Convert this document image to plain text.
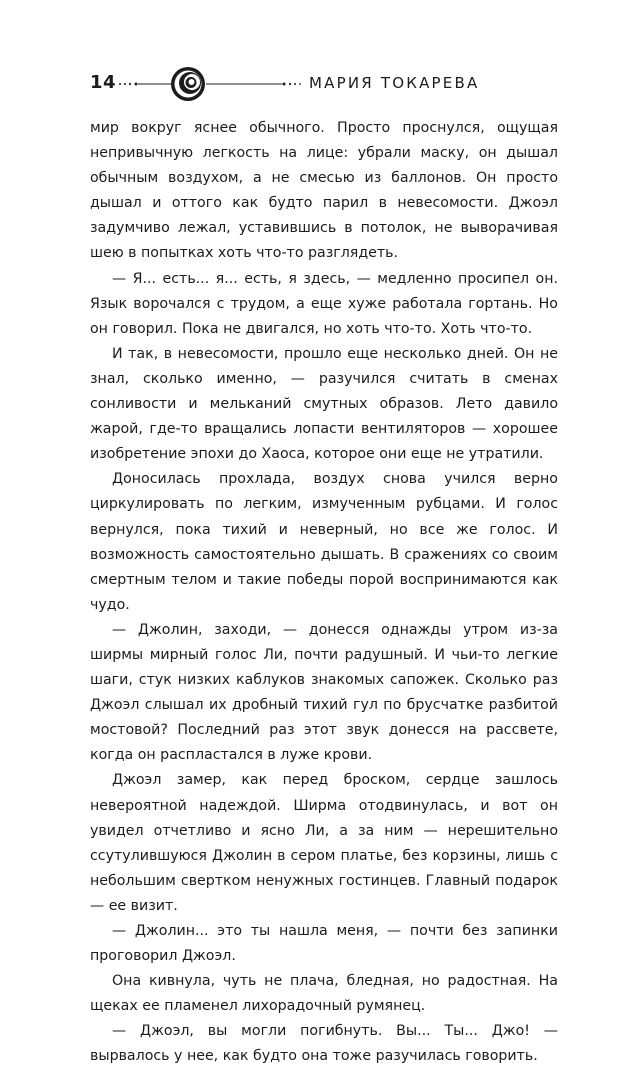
14	МАРИЯ ТОКАРЕВА

мир вокруг яснее обычного. Просто проснулся, ощущая непривычную легкость на лице: убрали маску, он дышал обычным воздухом, а не смесью из баллонов. Он просто дышал и оттого как будто парил в невесомости. Джоэл задумчиво лежал, уставившись в потолок, не выворачивая шею в попытках хоть что-то разглядеть.

— Я... есть... я... есть, я здесь, — медленно просипел он. Язык ворочался с трудом, а еще хуже работала гортань. Но он говорил. Пока не двигался, но хоть что-то. Хоть что-то.

И так, в невесомости, прошло еще несколько дней. Он не знал, сколько именно, — разучился считать в сменах сонливости и мельканий смутных образов. Лето давило жарой, где-то вращались лопасти вентиляторов — хорошее изобретение эпохи до Хаоса, которое они еще не утратили.

Доносилась прохлада, воздух снова учился верно циркулировать по легким, измученным рубцами. И голос вернулся, пока тихий и неверный, но все же голос. И возможность самостоятельно дышать. В сражениях со своим смертным телом и такие победы порой воспринимаются как чудо.

— Джолин, заходи, — донесся однажды утром из-за ширмы мирный голос Ли, почти радушный. И чьи-то легкие шаги, стук низких каблуков знакомых сапожек. Сколько раз Джоэл слышал их дробный тихий гул по брусчатке разбитой мостовой? Последний раз этот звук донесся на рассвете, когда он распластался в луже крови.

Джоэл замер, как перед броском, сердце зашлось невероятной надеждой. Ширма отодвинулась, и вот он увидел отчетливо и ясно Ли, а за ним — нерешительно ссутулившуюся Джолин в сером платье, без корзины, лишь с небольшим свертком ненужных гостинцев. Главный подарок — ее визит.

— Джолин... это ты нашла меня, — почти без запинки проговорил Джоэл.

Она кивнула, чуть не плача, бледная, но радостная. На щеках ее пламенел лихорадочный румянец.

— Джоэл, вы могли погибнуть. Вы... Ты... Джо! — вырвалось у нее, как будто она тоже разучилась говорить.
